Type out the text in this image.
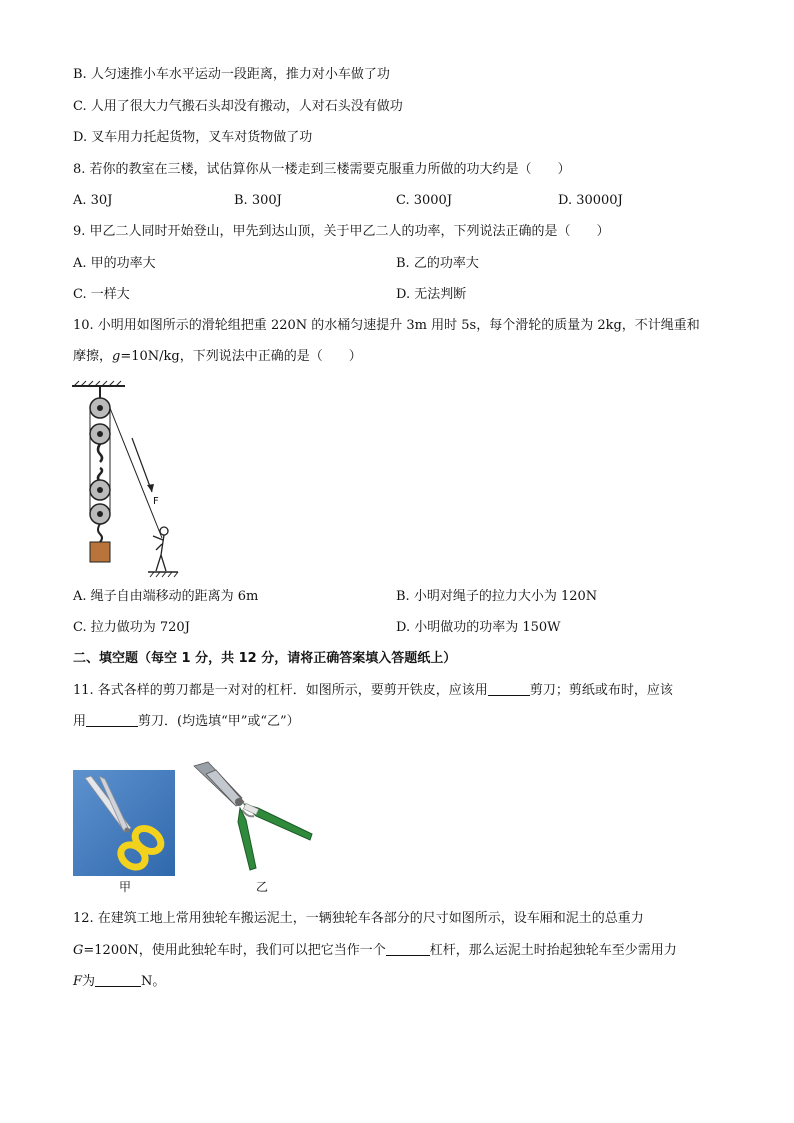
B. 人匀速推小车水平运动一段距离，推力对小车做了功
C. 人用了很大力气搬石头却没有搬动，人对石头没有做功
D. 叉车用力托起货物，叉车对货物做了功
8. 若你的教室在三楼，试估算你从一楼走到三楼需要克服重力所做的功大约是（　　）
A. 30J	B. 300J	C. 3000J	D. 30000J
9. 甲乙二人同时开始登山，甲先到达山顶，关于甲乙二人的功率，下列说法正确的是（　　）
A. 甲的功率大	B. 乙的功率大
C. 一样大	D. 无法判断
10. 小明用如图所示的滑轮组把重 220N 的水桶匀速提升 3m 用时 5s，每个滑轮的质量为 2kg，不计绳重和
摩擦，g=10N/kg，下列说法中正确的是（　　）
F
A. 绳子自由端移动的距离为 6m	B. 小明对绳子的拉力大小为 120N
C. 拉力做功为 720J	D. 小明做功的功率为 150W
二、填空题（每空 1 分，共 12 分，请将正确答案填入答题纸上）
11. 各式各样的剪刀都是一对对的杠杆．如图所示，要剪开铁皮，应该用	剪刀；剪纸或布时，应该
用	剪刀．(均选填“甲”或“乙”）
甲	乙
12. 在建筑工地上常用独轮车搬运泥土，一辆独轮车各部分的尺寸如图所示，设车厢和泥土的总重力
G=1200N，使用此独轮车时，我们可以把它当作一个	杠杆，那么运泥土时抬起独轮车至少需用力
F为	N。
